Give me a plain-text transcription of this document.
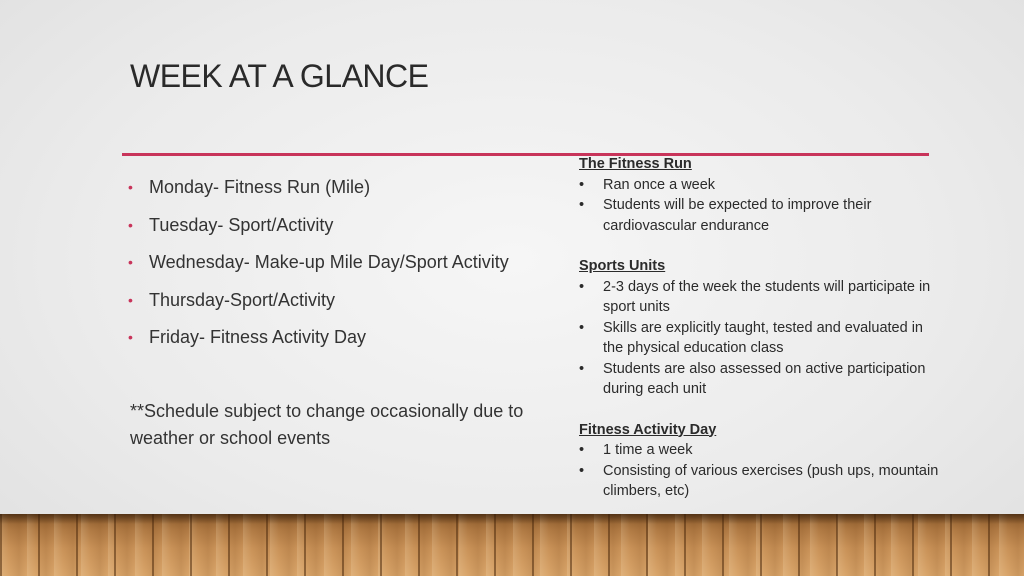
WEEK AT A GLANCE
• Monday- Fitness Run (Mile)
• Tuesday- Sport/Activity
• Wednesday- Make-up Mile Day/Sport Activity
• Thursday-Sport/Activity
• Friday- Fitness Activity Day
**Schedule subject to change occasionally due to weather or school events
The Fitness Run
• Ran once a week
• Students will be expected to improve their cardiovascular endurance
Sports Units
• 2-3 days of the week the students will participate in sport units
• Skills are explicitly taught, tested and evaluated in the physical education class
• Students are also assessed on active participation during each unit
Fitness Activity Day
• 1 time a week
• Consisting of various exercises (push ups, mountain climbers, etc)
